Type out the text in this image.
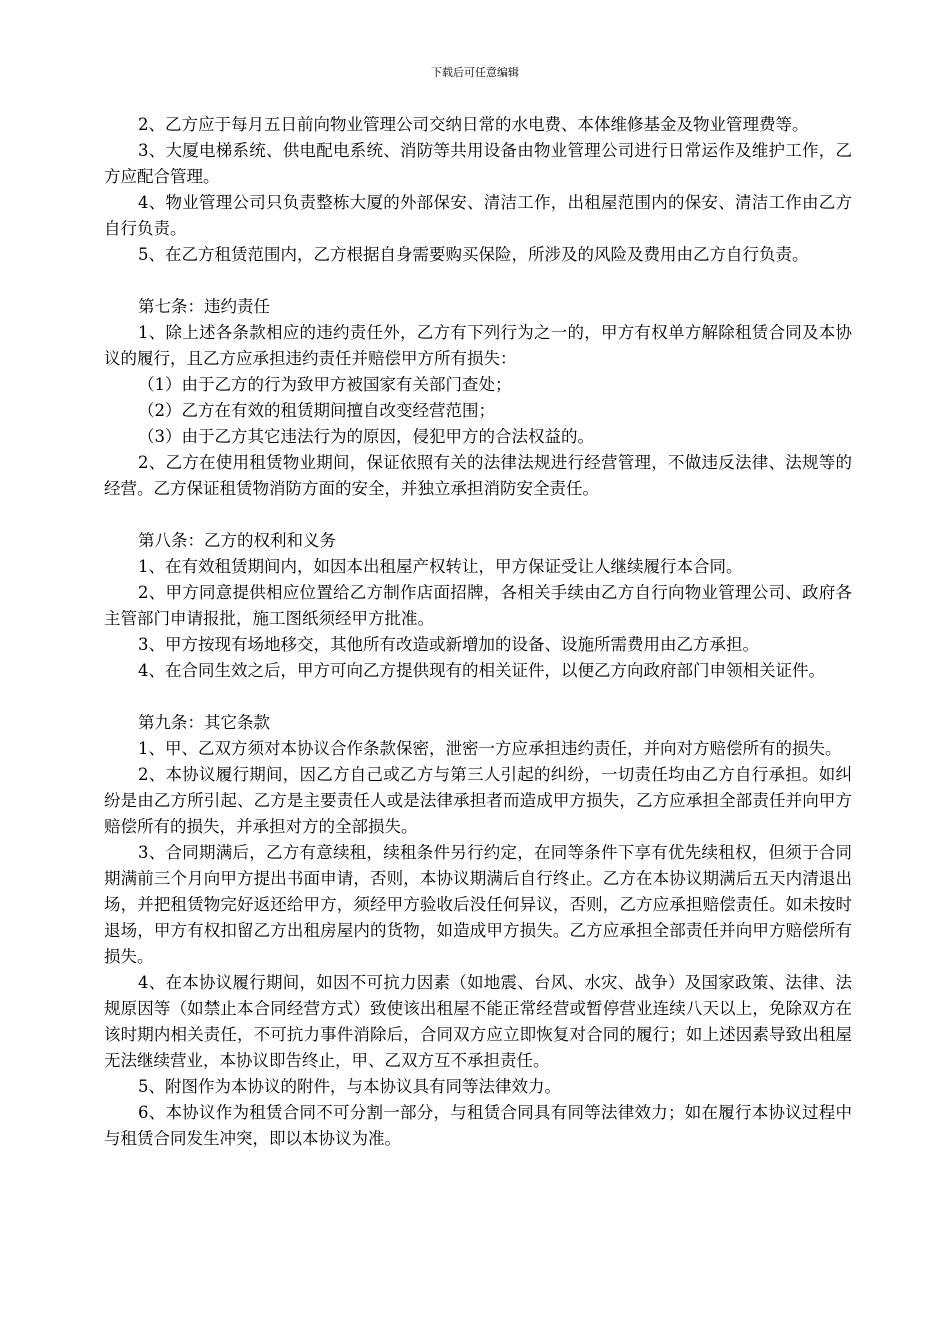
下载后可任意编辑

2、乙方应于每月五日前向物业管理公司交纳日常的水电费、本体维修基金及物业管理费等。

3、大厦电梯系统、供电配电系统、消防等共用设备由物业管理公司进行日常运作及维护工作，乙方应配合管理。

4、物业管理公司只负责整栋大厦的外部保安、清洁工作，出租屋范围内的保安、清洁工作由乙方自行负责。

5、在乙方租赁范围内，乙方根据自身需要购买保险，所涉及的风险及费用由乙方自行负责。

第七条：违约责任

1、除上述各条款相应的违约责任外，乙方有下列行为之一的，甲方有权单方解除租赁合同及本协议的履行，且乙方应承担违约责任并赔偿甲方所有损失：

（1）由于乙方的行为致甲方被国家有关部门查处；

（2）乙方在有效的租赁期间擅自改变经营范围；

（3）由于乙方其它违法行为的原因，侵犯甲方的合法权益的。

2、乙方在使用租赁物业期间，保证依照有关的法律法规进行经营管理，不做违反法律、法规等的经营。乙方保证租赁物消防方面的安全，并独立承担消防安全责任。

第八条：乙方的权利和义务

1、在有效租赁期间内，如因本出租屋产权转让，甲方保证受让人继续履行本合同。

2、甲方同意提供相应位置给乙方制作店面招牌，各相关手续由乙方自行向物业管理公司、政府各主管部门申请报批，施工图纸须经甲方批准。

3、甲方按现有场地移交，其他所有改造或新增加的设备、设施所需费用由乙方承担。

4、在合同生效之后，甲方可向乙方提供现有的相关证件，以便乙方向政府部门申领相关证件。

第九条：其它条款

1、甲、乙双方须对本协议合作条款保密，泄密一方应承担违约责任，并向对方赔偿所有的损失。

2、本协议履行期间，因乙方自己或乙方与第三人引起的纠纷，一切责任均由乙方自行承担。如纠纷是由乙方所引起、乙方是主要责任人或是法律承担者而造成甲方损失，乙方应承担全部责任并向甲方赔偿所有的损失，并承担对方的全部损失。

3、合同期满后，乙方有意续租，续租条件另行约定，在同等条件下享有优先续租权，但须于合同期满前三个月向甲方提出书面申请，否则，本协议期满后自行终止。乙方在本协议期满后五天内清退出场，并把租赁物完好返还给甲方，须经甲方验收后没任何异议，否则，乙方应承担赔偿责任。如未按时退场，甲方有权扣留乙方出租房屋内的货物，如造成甲方损失。乙方应承担全部责任并向甲方赔偿所有损失。

4、在本协议履行期间，如因不可抗力因素（如地震、台风、水灾、战争）及国家政策、法律、法规原因等（如禁止本合同经营方式）致使该出租屋不能正常经营或暂停营业连续八天以上，免除双方在该时期内相关责任，不可抗力事件消除后，合同双方应立即恢复对合同的履行；如上述因素导致出租屋无法继续营业，本协议即告终止，甲、乙双方互不承担责任。

5、附图作为本协议的附件，与本协议具有同等法律效力。

6、本协议作为租赁合同不可分割一部分，与租赁合同具有同等法律效力；如在履行本协议过程中与租赁合同发生冲突，即以本协议为准。
